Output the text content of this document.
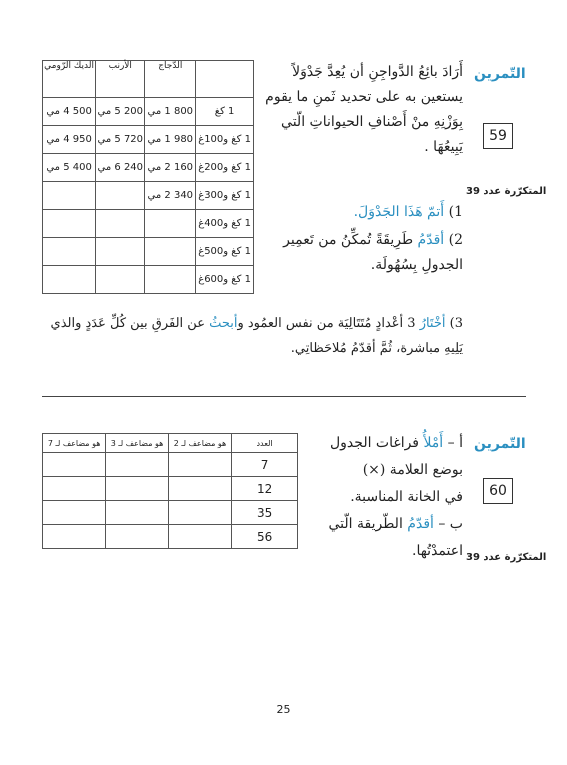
التّمرين
59
المتكرّرة عدد 39
أَرَادَ بائِعُ الدَّواجِنِ أن يُعِدَّ جَدْوَلاً
يستعين به على تحديد ثَمنِ ما يقوم
بِوَزْنِهِ منْ أَصْنافِ الحيواناتِ الّتي
يَبِيعُهَا .
1) أَتمّ هَذَا الجَدْوَلَ.
2) أقدّمُ طَرِيقَةً تُمكِّنُ من تَعمِير
الجدولِ بِسُهُولَة.
3) أخْتَارُ 3 أعْدادٍ مُتَتَالِيَة من نفس العمُود وأبحثُ عن الفَرقِ بين كُلِّ عَدَدٍ والذي
يَلِيهِ مباشرة، ثُمَّ أقدّمُ مُلاحَظاتِي.
	الدّجاج	الأرنب	الديك الرّومي
1 كغ	800 1 مي	200 5 مي	500 4 مي
1 كغ و100غ	980 1 مي	720 5 مي	950 4 مي
1 كغ و200غ	160 2 مي	240 6 مي	400 5 مي
1 كغ و300غ	340 2 مي		
1 كغ و400غ			
1 كغ و500غ			
1 كغ و600غ			
التّمرين
60
المتكرّرة عدد 39
أ – أَمْلأُ فراغات الجدول
بوضع العلامة (×)
في الخانة المناسبة.
ب – أقدّمُ الطّريقة الّتي
اعتمدْتُها.
العدد	هو مضاعف لـ 2	هو مضاعف لـ 3	هو مضاعف لـ 7
7			
12			
35			
56			
25
